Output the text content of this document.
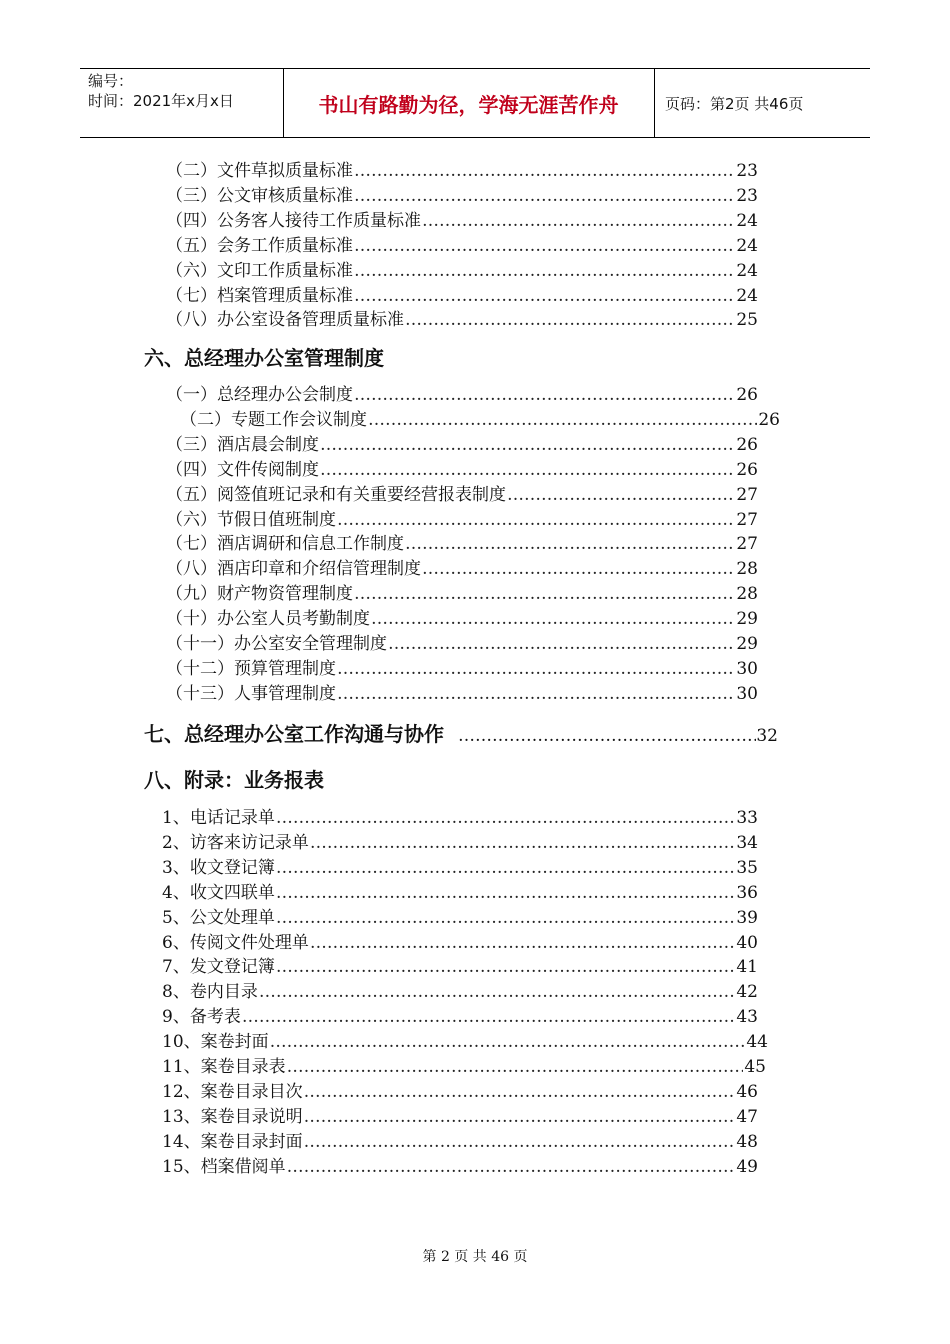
编号：
时间：2021年x月x日	书山有路勤为径，学海无涯苦作舟	页码：第2页 共46页
（二）文件草拟质量标准 ……………………………………………………………………………………………………………………………………	23
（三）公文审核质量标准 ……………………………………………………………………………………………………………………………………	23
（四）公务客人接待工作质量标准 ……………………………………………………………………………………………………………………………………	24
（五）会务工作质量标准 ……………………………………………………………………………………………………………………………………	24
（六）文印工作质量标准 ……………………………………………………………………………………………………………………………………	24
（七）档案管理质量标准 ……………………………………………………………………………………………………………………………………	24
（八）办公室设备管理质量标准 ……………………………………………………………………………………………………………………………………	25
六、总经理办公室管理制度
（一）总经理办公会制度 ……………………………………………………………………………………………………………………………………	26
（二）专题工作会议制度 ……………………………………………………………………………………………………………………………………	26
（三）酒店晨会制度 ……………………………………………………………………………………………………………………………………	26
（四）文件传阅制度 ……………………………………………………………………………………………………………………………………	26
（五）阅签值班记录和有关重要经营报表制度 ……………………………………………………………………………………………………………………………………	27
（六）节假日值班制度 ……………………………………………………………………………………………………………………………………	27
（七）酒店调研和信息工作制度 ……………………………………………………………………………………………………………………………………	27
（八）酒店印章和介绍信管理制度 ……………………………………………………………………………………………………………………………………	28
（九）财产物资管理制度 ……………………………………………………………………………………………………………………………………	28
（十）办公室人员考勤制度 ……………………………………………………………………………………………………………………………………	29
（十一）办公室安全管理制度 ……………………………………………………………………………………………………………………………………	29
（十二）预算管理制度 ……………………………………………………………………………………………………………………………………	30
（十三）人事管理制度 ……………………………………………………………………………………………………………………………………	30
七、总经理办公室工作沟通与协作 ……………………………………………………………………………………………………………………………………	32
八、附录：业务报表
1、电话记录单 ……………………………………………………………………………………………………………………………………	33
2、访客来访记录单 ……………………………………………………………………………………………………………………………………	34
3、收文登记簿 ……………………………………………………………………………………………………………………………………	35
4、收文四联单 ……………………………………………………………………………………………………………………………………	36
5、公文处理单 ……………………………………………………………………………………………………………………………………	39
6、传阅文件处理单 ……………………………………………………………………………………………………………………………………	40
7、发文登记簿 ……………………………………………………………………………………………………………………………………	41
8、卷内目录 ……………………………………………………………………………………………………………………………………	42
9、备考表 ……………………………………………………………………………………………………………………………………	43
10、案卷封面 ……………………………………………………………………………………………………………………………………	44
11、案卷目录表 ……………………………………………………………………………………………………………………………………	45
12、案卷目录目次 ……………………………………………………………………………………………………………………………………	46
13、案卷目录说明 ……………………………………………………………………………………………………………………………………	47
14、案卷目录封面 ……………………………………………………………………………………………………………………………………	48
15、档案借阅单 ……………………………………………………………………………………………………………………………………	49
第 2 页 共 46 页
